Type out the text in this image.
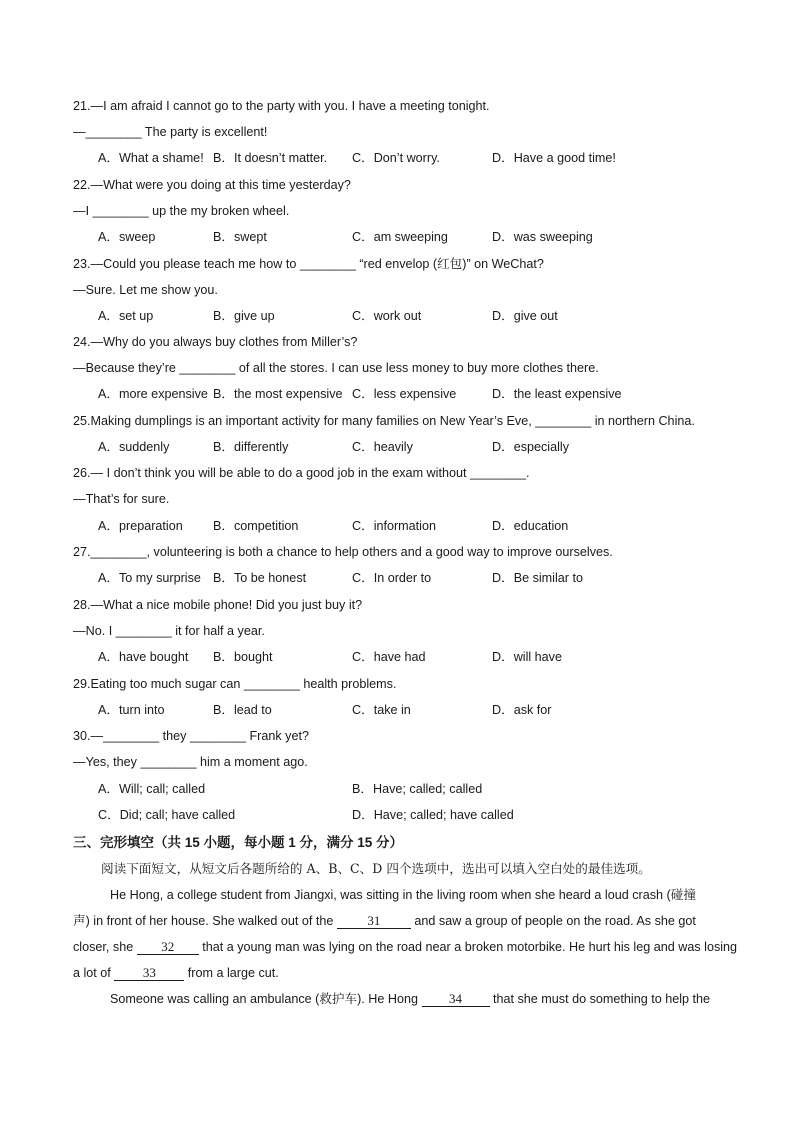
21.—I am afraid I cannot go to the party with you. I have a meeting tonight.
—________ The party is excellent!
A．What a shame! B．It doesn’t matter. C．Don’t worry.	D．Have a good time!
22.—What were you doing at this time yesterday?
—I ________ up the my broken wheel.
A．sweep	B．swept	C．am sweeping	D．was sweeping
23.—Could you please teach me how to ________ “red envelop (红包)” on WeChat?
—Sure. Let me show you.
A．set up	B．give up	C．work out	D．give out
24.—Why do you always buy clothes from Miller’s?
—Because they’re ________ of all the stores. I can use less money to buy more clothes there.
A．more expensive B．the most expensive C．less expensive	D．the least expensive
25.Making dumplings is an important activity for many families on New Year’s Eve, ________ in northern China.
A．suddenly	B．differently	C．heavily	D．especially
26.— I don’t think you will be able to do a good job in the exam without ________.
—That’s for sure.
A．preparation B．competition	C．information	D．education
27.________, volunteering is both a chance to help others and a good way to improve ourselves.
A．To my surprise B．To be honest	C．In order to	D．Be similar to
28.—What a nice mobile phone! Did you just buy it?
—No. I ________ it for half a year.
A．have bought B．bought	C．have had	D．will have
29.Eating too much sugar can ________ health problems.
A．turn into	B．lead to	C．take in	D．ask for
30.—________ they ________ Frank yet?
—Yes, they ________ him a moment ago.
A．Will; call; called	B．Have; called; called
C．Did; call; have called	D．Have; called; have called
三、完形填空（共 15 小题，每小题 1 分，满分 15 分）
阅读下面短文，从短文后各题所给的 A、B、C、D 四个选项中，选出可以填入空白处的最佳选项。
He Hong, a college student from Jiangxi, was sitting in the living room when she heard a loud crash (碰撞
声) in front of her house. She walked out of the 31 and saw a group of people on the road. As she got
closer, she 32 that a young man was lying on the road near a broken motorbike. He hurt his leg and was losing
a lot of 33 from a large cut.
Someone was calling an ambulance (救护车). He Hong 34 that she must do something to help the
